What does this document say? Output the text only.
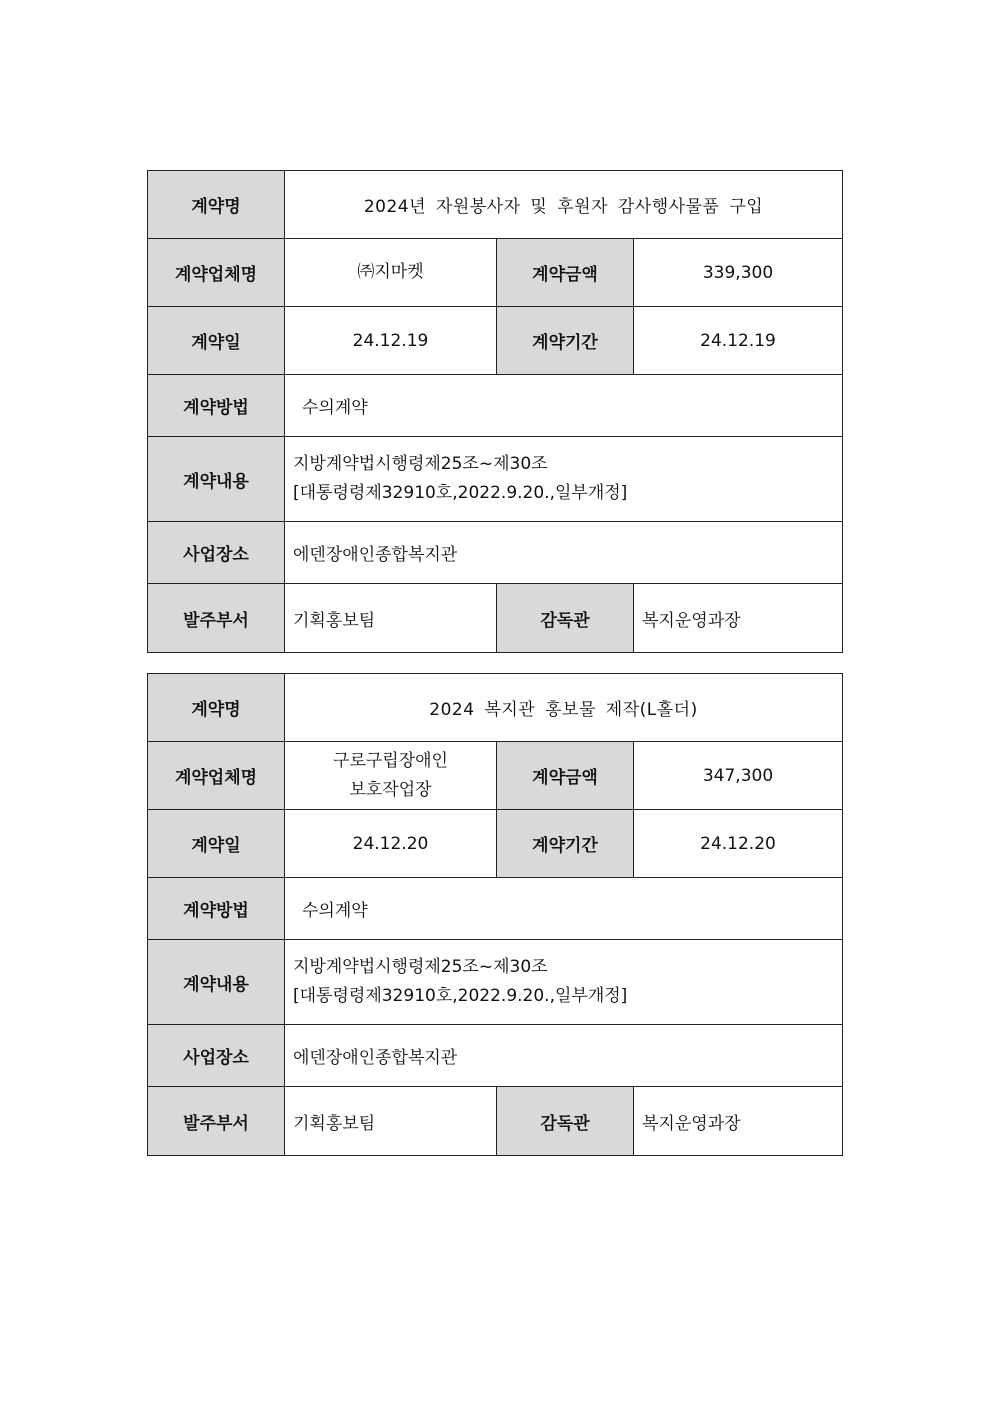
계약명	2024년 자원봉사자 및 후원자 감사행사물품 구입		
계약업체명	㈜지마켓	계약금액	339,300
계약일	24.12.19	계약기간	24.12.19
계약방법	수의계약		
계약내용	지방계약법시행령제25조~제30조
[대통령령제32910호,2022.9.20.,일부개정]		

사업장소	에덴장애인종합복지관		
발주부서	기획홍보팀	감독관	복지운영과장
계약명	2024 복지관 홍보물 제작(L홀더)		
계약업체명	구로구립장애인
보호작업장	계약금액	347,300
계약일	24.12.20	계약기간	24.12.20
계약방법	수의계약		
계약내용	지방계약법시행령제25조~제30조
[대통령령제32910호,2022.9.20.,일부개정]		

사업장소	에덴장애인종합복지관		
발주부서	기획홍보팀	감독관	복지운영과장
